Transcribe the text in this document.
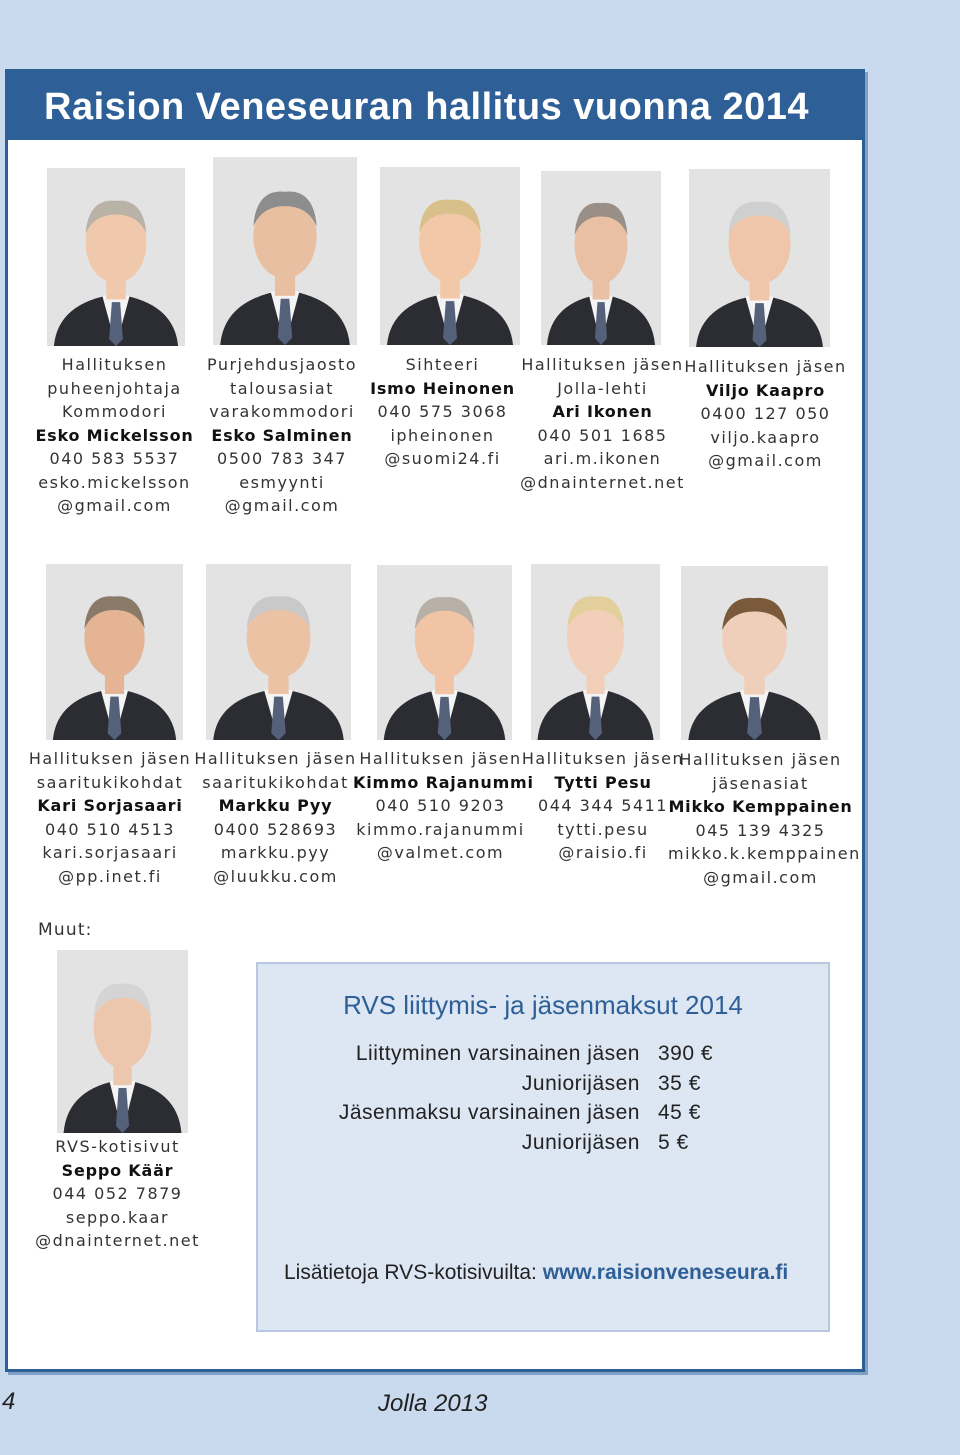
Raision Veneseuran hallitus vuonna 2014
Hallituksen
puheenjohtaja
Kommodori
Esko Mickelsson
040 583 5537
esko.mickelsson
@gmail.com
Purjehdusjaosto
talousasiat
varakommodori
Esko Salminen
0500 783 347
esmyynti
@gmail.com
Sihteeri
Ismo Heinonen
040 575 3068
ipheinonen
@suomi24.fi
Hallituksen jäsen
Jolla-lehti
Ari Ikonen
040 501 1685
ari.m.ikonen
@dnainternet.net
Hallituksen jäsen
Viljo Kaapro
0400 127 050
viljo.kaapro
@gmail.com
Hallituksen jäsen
saaritukikohdat
Kari Sorjasaari
040 510 4513
kari.sorjasaari
@pp.inet.fi
Hallituksen jäsen
saaritukikohdat
Markku Pyy
0400 528693
markku.pyy
@luukku.com
Hallituksen jäsen
Kimmo Rajanummi
040 510 9203
kimmo.rajanummi
@valmet.com
Hallituksen jäsen
Tytti Pesu
044 344 5411
tytti.pesu
@raisio.fi
Hallituksen jäsen
jäsenasiat
Mikko Kemppainen
045 139 4325
mikko.k.kemppainen
@gmail.com
Muut:
RVS-kotisivut
Seppo Käär
044 052 7879
seppo.kaar
@dnainternet.net
RVS liittymis- ja jäsenmaksut 2014
Liittyminen varsinainen jäsen 390 €
Juniorijäsen 35 €
Jäsenmaksu varsinainen jäsen 45 €
Juniorijäsen 5 €
Lisätietoja RVS-kotisivuilta: www.raisionveneseura.fi
4	Jolla 2013
